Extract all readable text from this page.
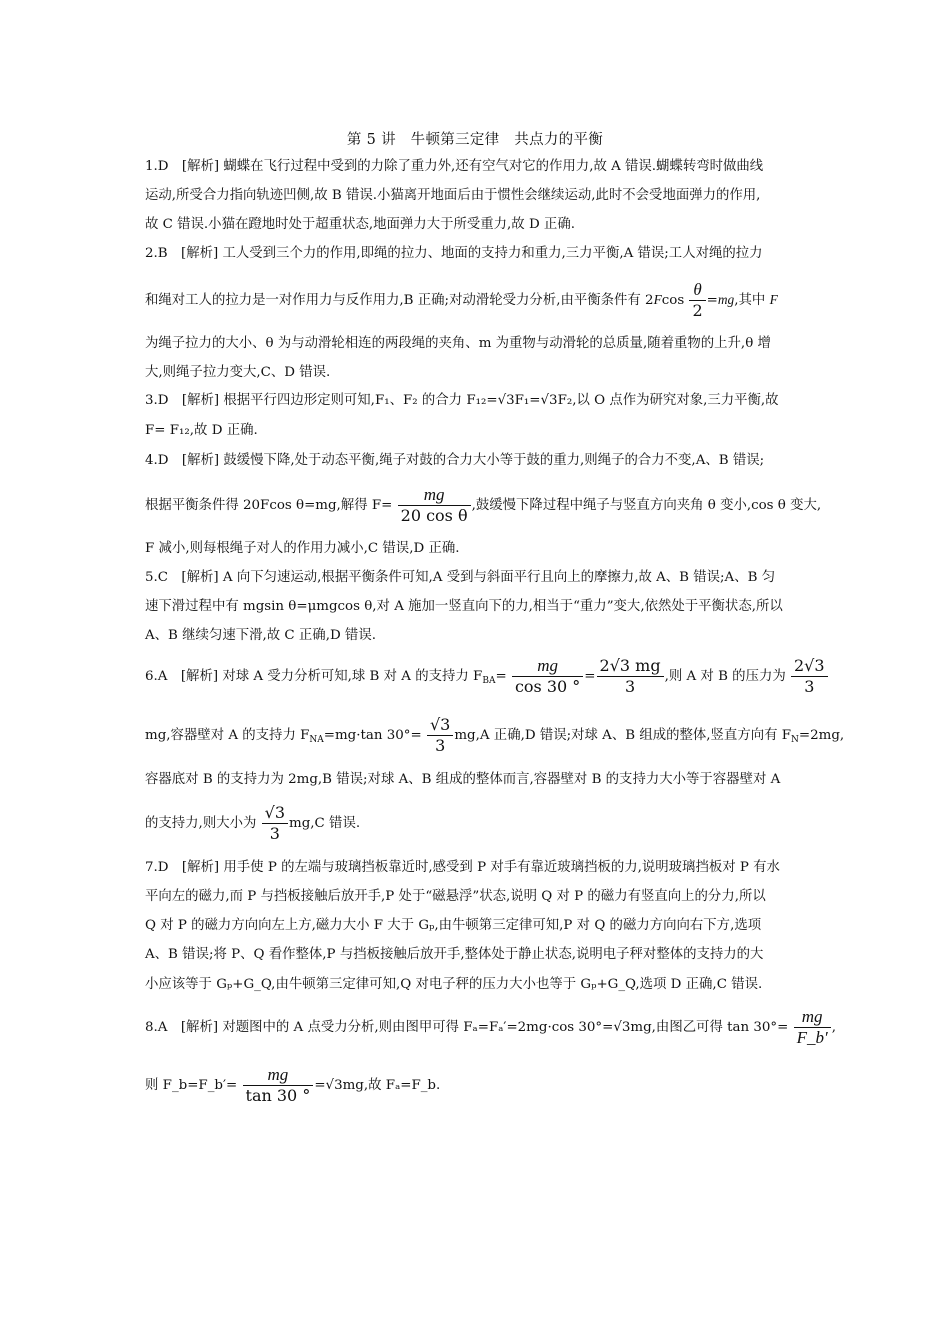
第 5 讲　牛顿第三定律　共点力的平衡
1.D　[解析] 蝴蝶在飞行过程中受到的力除了重力外,还有空气对它的作用力,故 A 错误.蝴蝶转弯时做曲线
运动,所受合力指向轨迹凹侧,故 B 错误.小猫离开地面后由于惯性会继续运动,此时不会受地面弹力的作用,
故 C 错误.小猫在蹬地时处于超重状态,地面弹力大于所受重力,故 D 正确.
2.B　[解析] 工人受到三个力的作用,即绳的拉力、地面的支持力和重力,三力平衡,A 错误;工人对绳的拉力
和绳对工人的拉力是一对作用力与反作用力,B 正确;对动滑轮受力分析,由平衡条件有 $2Fcos \frac{\theta}{2} =mg$,其中 F
为绳子拉力的大小、θ 为与动滑轮相连的两段绳的夹角、m 为重物与动滑轮的总质量,随着重物的上升,θ 增
大,则绳子拉力变大,C、D 错误.
3.D　[解析] 根据平行四边形定则可知,F₁、F₂ 的合力 F₁₂=√3F₁=√3F₂,以 O 点作为研究对象,三力平衡,故
F= F₁₂,故 D 正确.
4.D　[解析] 鼓缓慢下降,处于动态平衡,绳子对鼓的合力大小等于鼓的重力,则绳子的合力不变,A、B 错误;
根据平衡条件得 20Fcos θ=mg,解得 $F= \frac{mg}{\text{20 cos θ}}$ ,鼓缓慢下降过程中绳子与竖直方向夹角 θ 变小,cos θ 变大,
F 减小,则每根绳子对人的作用力减小,C 错误,D 正确.
5.C　[解析] A 向下匀速运动,根据平衡条件可知,A 受到与斜面平行且向上的摩擦力,故 A、B 错误;A、B 匀
速下滑过程中有 mgsin θ=μmgcos θ,对 A 施加一竖直向下的力,相当于“重力”变大,依然处于平衡状态,所以
A、B 继续匀速下滑,故 C 正确,D 错误.
6.A　[解析] 对球 A 受力分析可知,球 B 对 A 的支持力 $F_{BA}= \frac{mg}{\cos 30 ^\circ} = \frac{2√3 mg}{3}$ ,则 A 对 B 的压力为 $\frac{2√3}{3}$
mg,容器壁对 A 的支持力 $F_{NA}=mg\cdot\tan$ $30^\circ= \frac{√3}{3} mg,A$ 正确,D 错误;对球 A、B 组成的整体,竖直方向有 $F_N=2mg$,
容器底对 B 的支持力为 2mg,B 错误;对球 A、B 组成的整体而言,容器壁对 B 的支持力大小等于容器壁对 A
的支持力,则大小为 $\frac{√3}{3} mg,C$ 错误.
7.D　[解析] 用手使 P 的左端与玻璃挡板靠近时,感受到 P 对手有靠近玻璃挡板的力,说明玻璃挡板对 P 有水
平向左的磁力,而 P 与挡板接触后放开手,P 处于“磁悬浮”状态,说明 Q 对 P 的磁力有竖直向上的分力,所以
Q 对 P 的磁力方向向左上方,磁力大小 F 大于 Gₚ,由牛顿第三定律可知,P 对 Q 的磁力方向向右下方,选项
A、B 错误;将 P、Q 看作整体,P 与挡板接触后放开手,整体处于静止状态,说明电子秤对整体的支持力的大
小应该等于 Gₚ+G_Q,由牛顿第三定律可知,Q 对电子秤的压力大小也等于 Gₚ+G_Q,选项 D 正确,C 错误.
8.A　[解析] 对题图中的 A 点受力分析,则由图甲可得 Fₐ=Fₐ′=2mg·cos 30°=√3mg,由图乙可得 $\tan 30^\circ= \frac{mg}{F\_b'}$ ,
则 F_b=F_b′= $\frac{mg}{\tan 30 ^\circ} =√3mg$,故 Fₐ=F_b.
